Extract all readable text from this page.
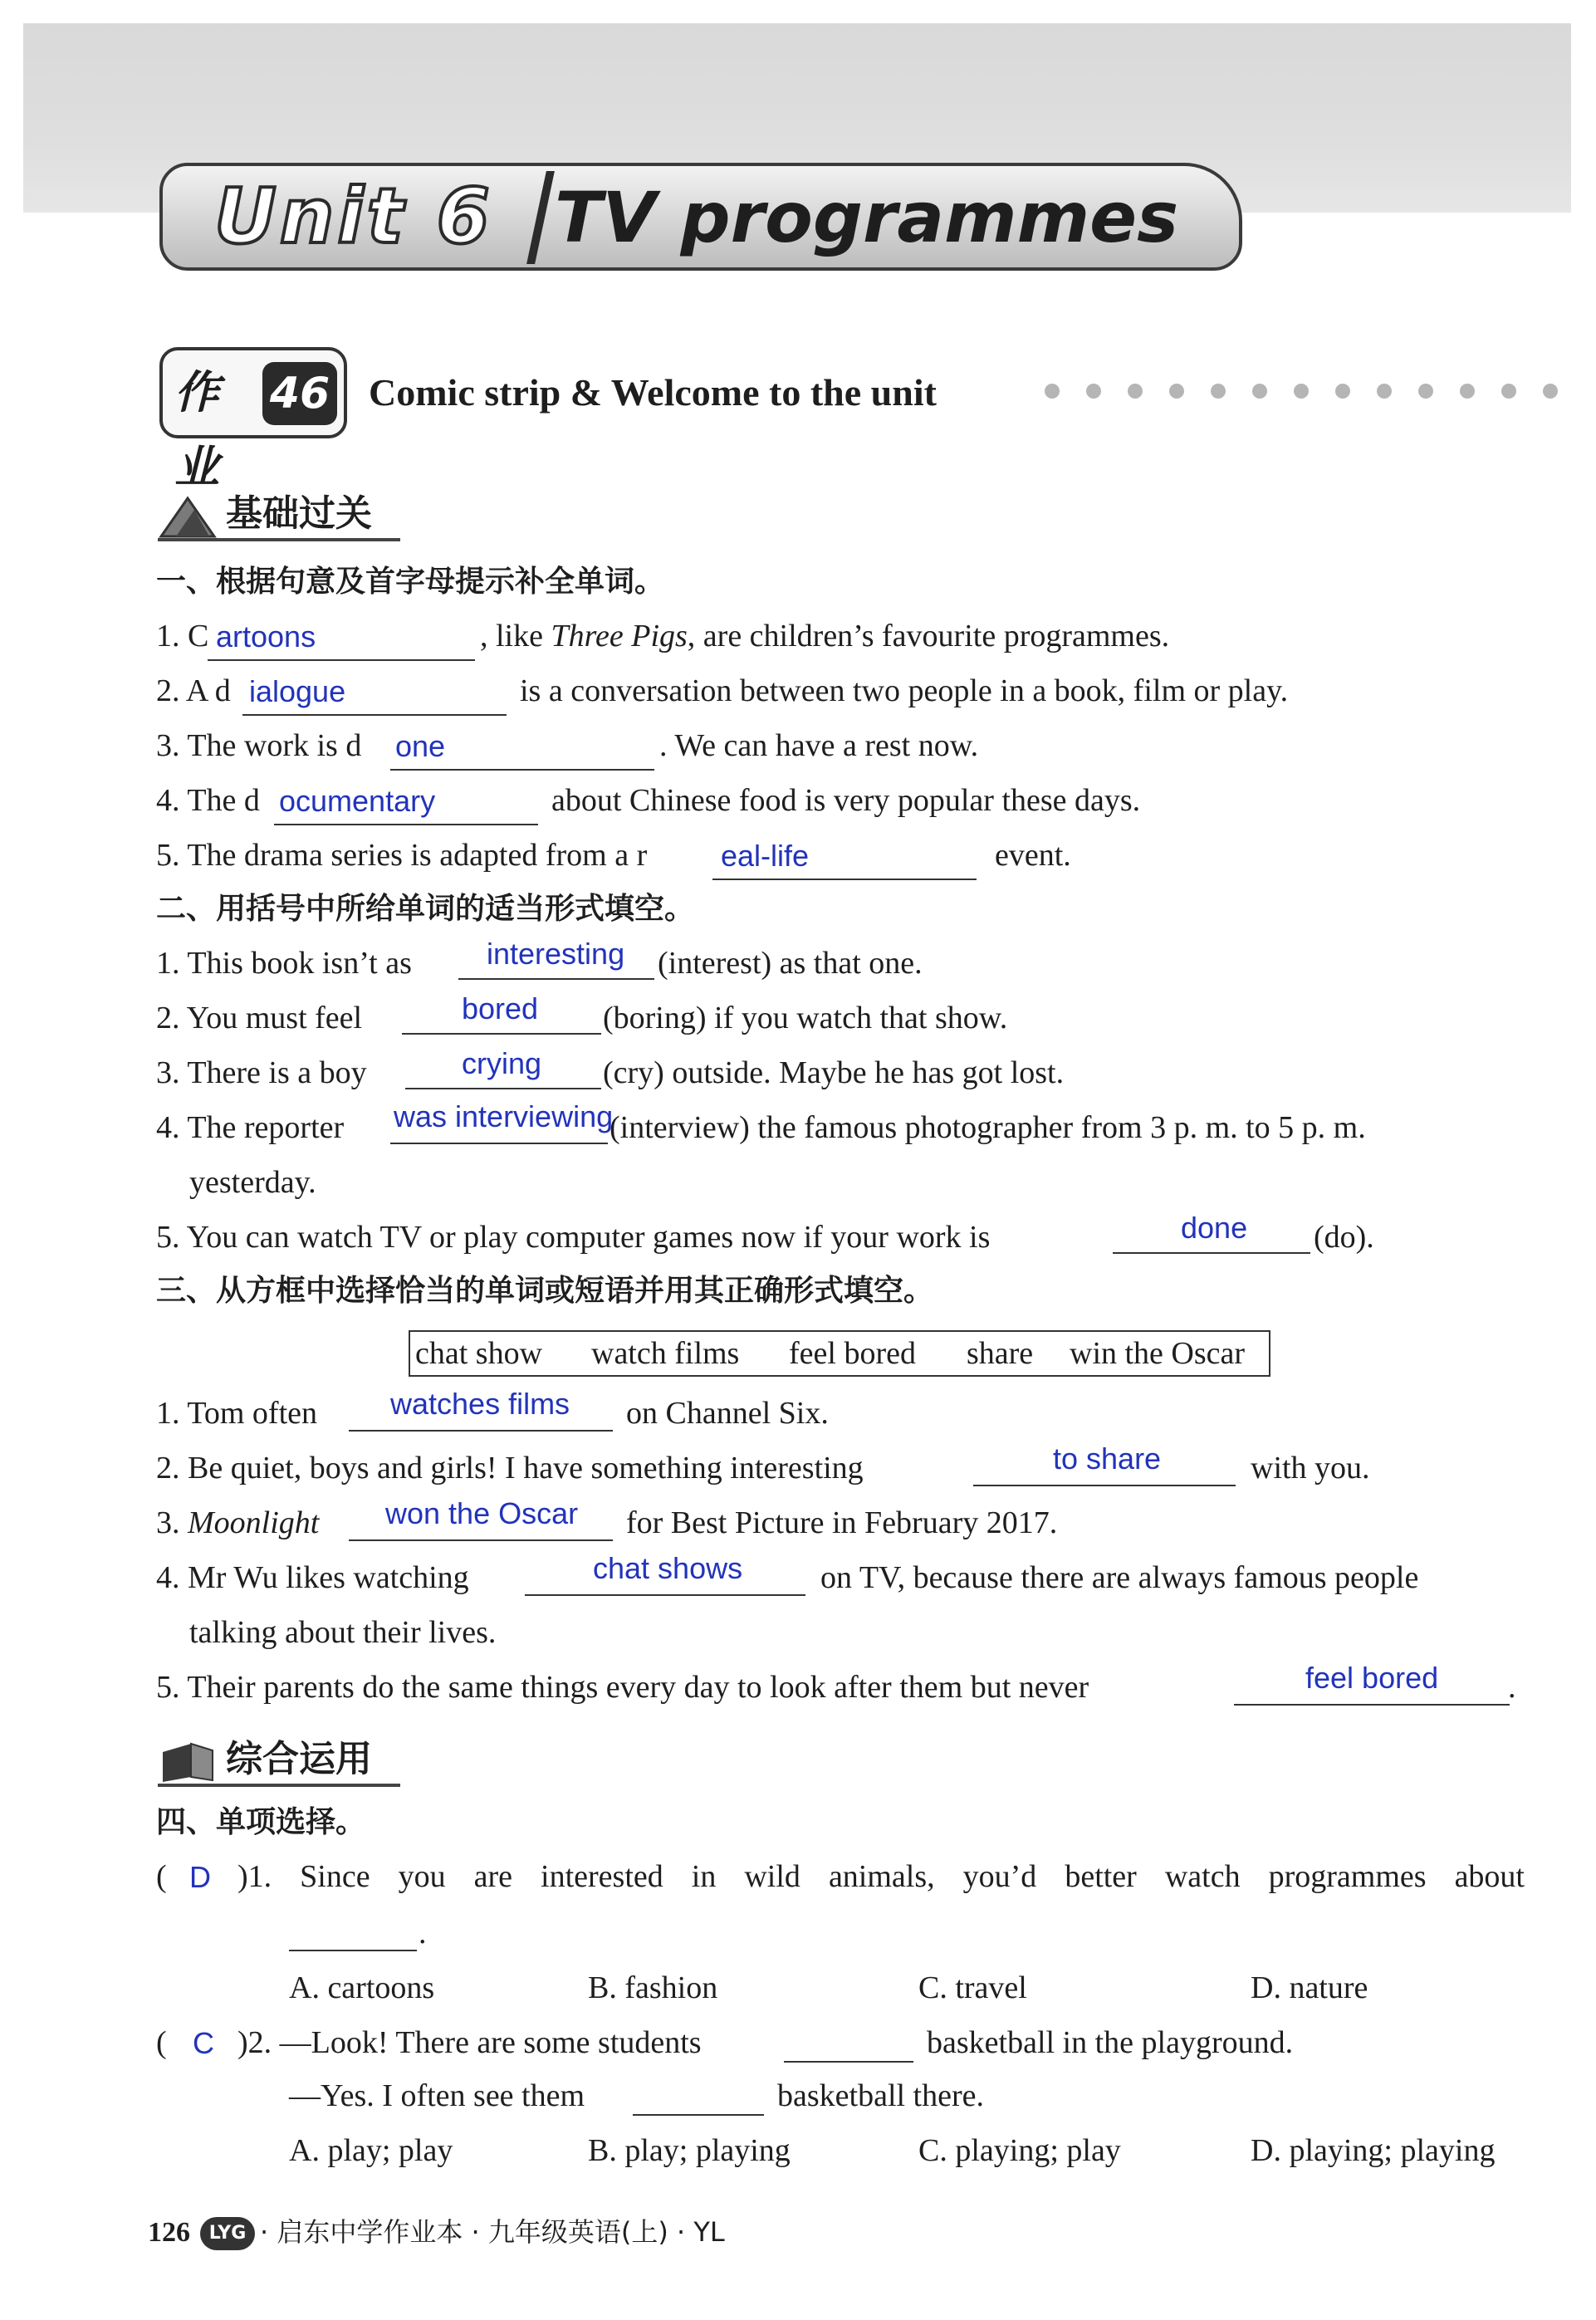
Unit 6 TV programmes
作业
46 Comic strip & Welcome to the unit
基础过关
一、根据句意及首字母提示补全单词。
1. C artoons	, like Three Pigs, are children’s favourite programmes.
2. A d ialogue	is a conversation between two people in a book, film or play.
3. The work is d one	. We can have a rest now.
4. The d ocumentary	about Chinese food is very popular these days.
5. The drama series is adapted from a r eal-life	event.
二、用括号中所给单词的适当形式填空。
1. This book isn’t as	interesting (interest) as that one.
2. You must feel	bored (boring) if you watch that show.
3. There is a boy	crying (cry) outside. Maybe he has got lost.
4. The reporter was interviewing
(interview) the famous photographer from 3 p. m. to 5 p. m.
yesterday.
5. You can watch TV or play computer games now if your work is	done (do).
三、从方框中选择恰当的单词或短语并用其正确形式填空。
chat show watch films feel bored share win the Oscar
1. Tom often watches films on Channel Six.
2. Be quiet, boys and girls! I have something interesting	to share	with you.
3. Moonlight won the Oscar for Best Picture in February 2017.
4. Mr Wu likes watching	chat shows on TV, because there are always famous people
talking about their lives.
5. Their parents do the same things every day to look after them but never	feel bored .
综合运用
四、单项选择。
( D )1. Since you are interested in wild animals, you’d better watch programmes about
.
A. cartoons	B. fashion	C. travel	D. nature
( C )2. —Look! There are some students	basketball in the playground.
—Yes. I often see them	basketball there.
A. play; play	B. play; playing	C. playing; play	D. playing; playing
126 LYG · 启东中学作业本 · 九年级英语(上) · YL
